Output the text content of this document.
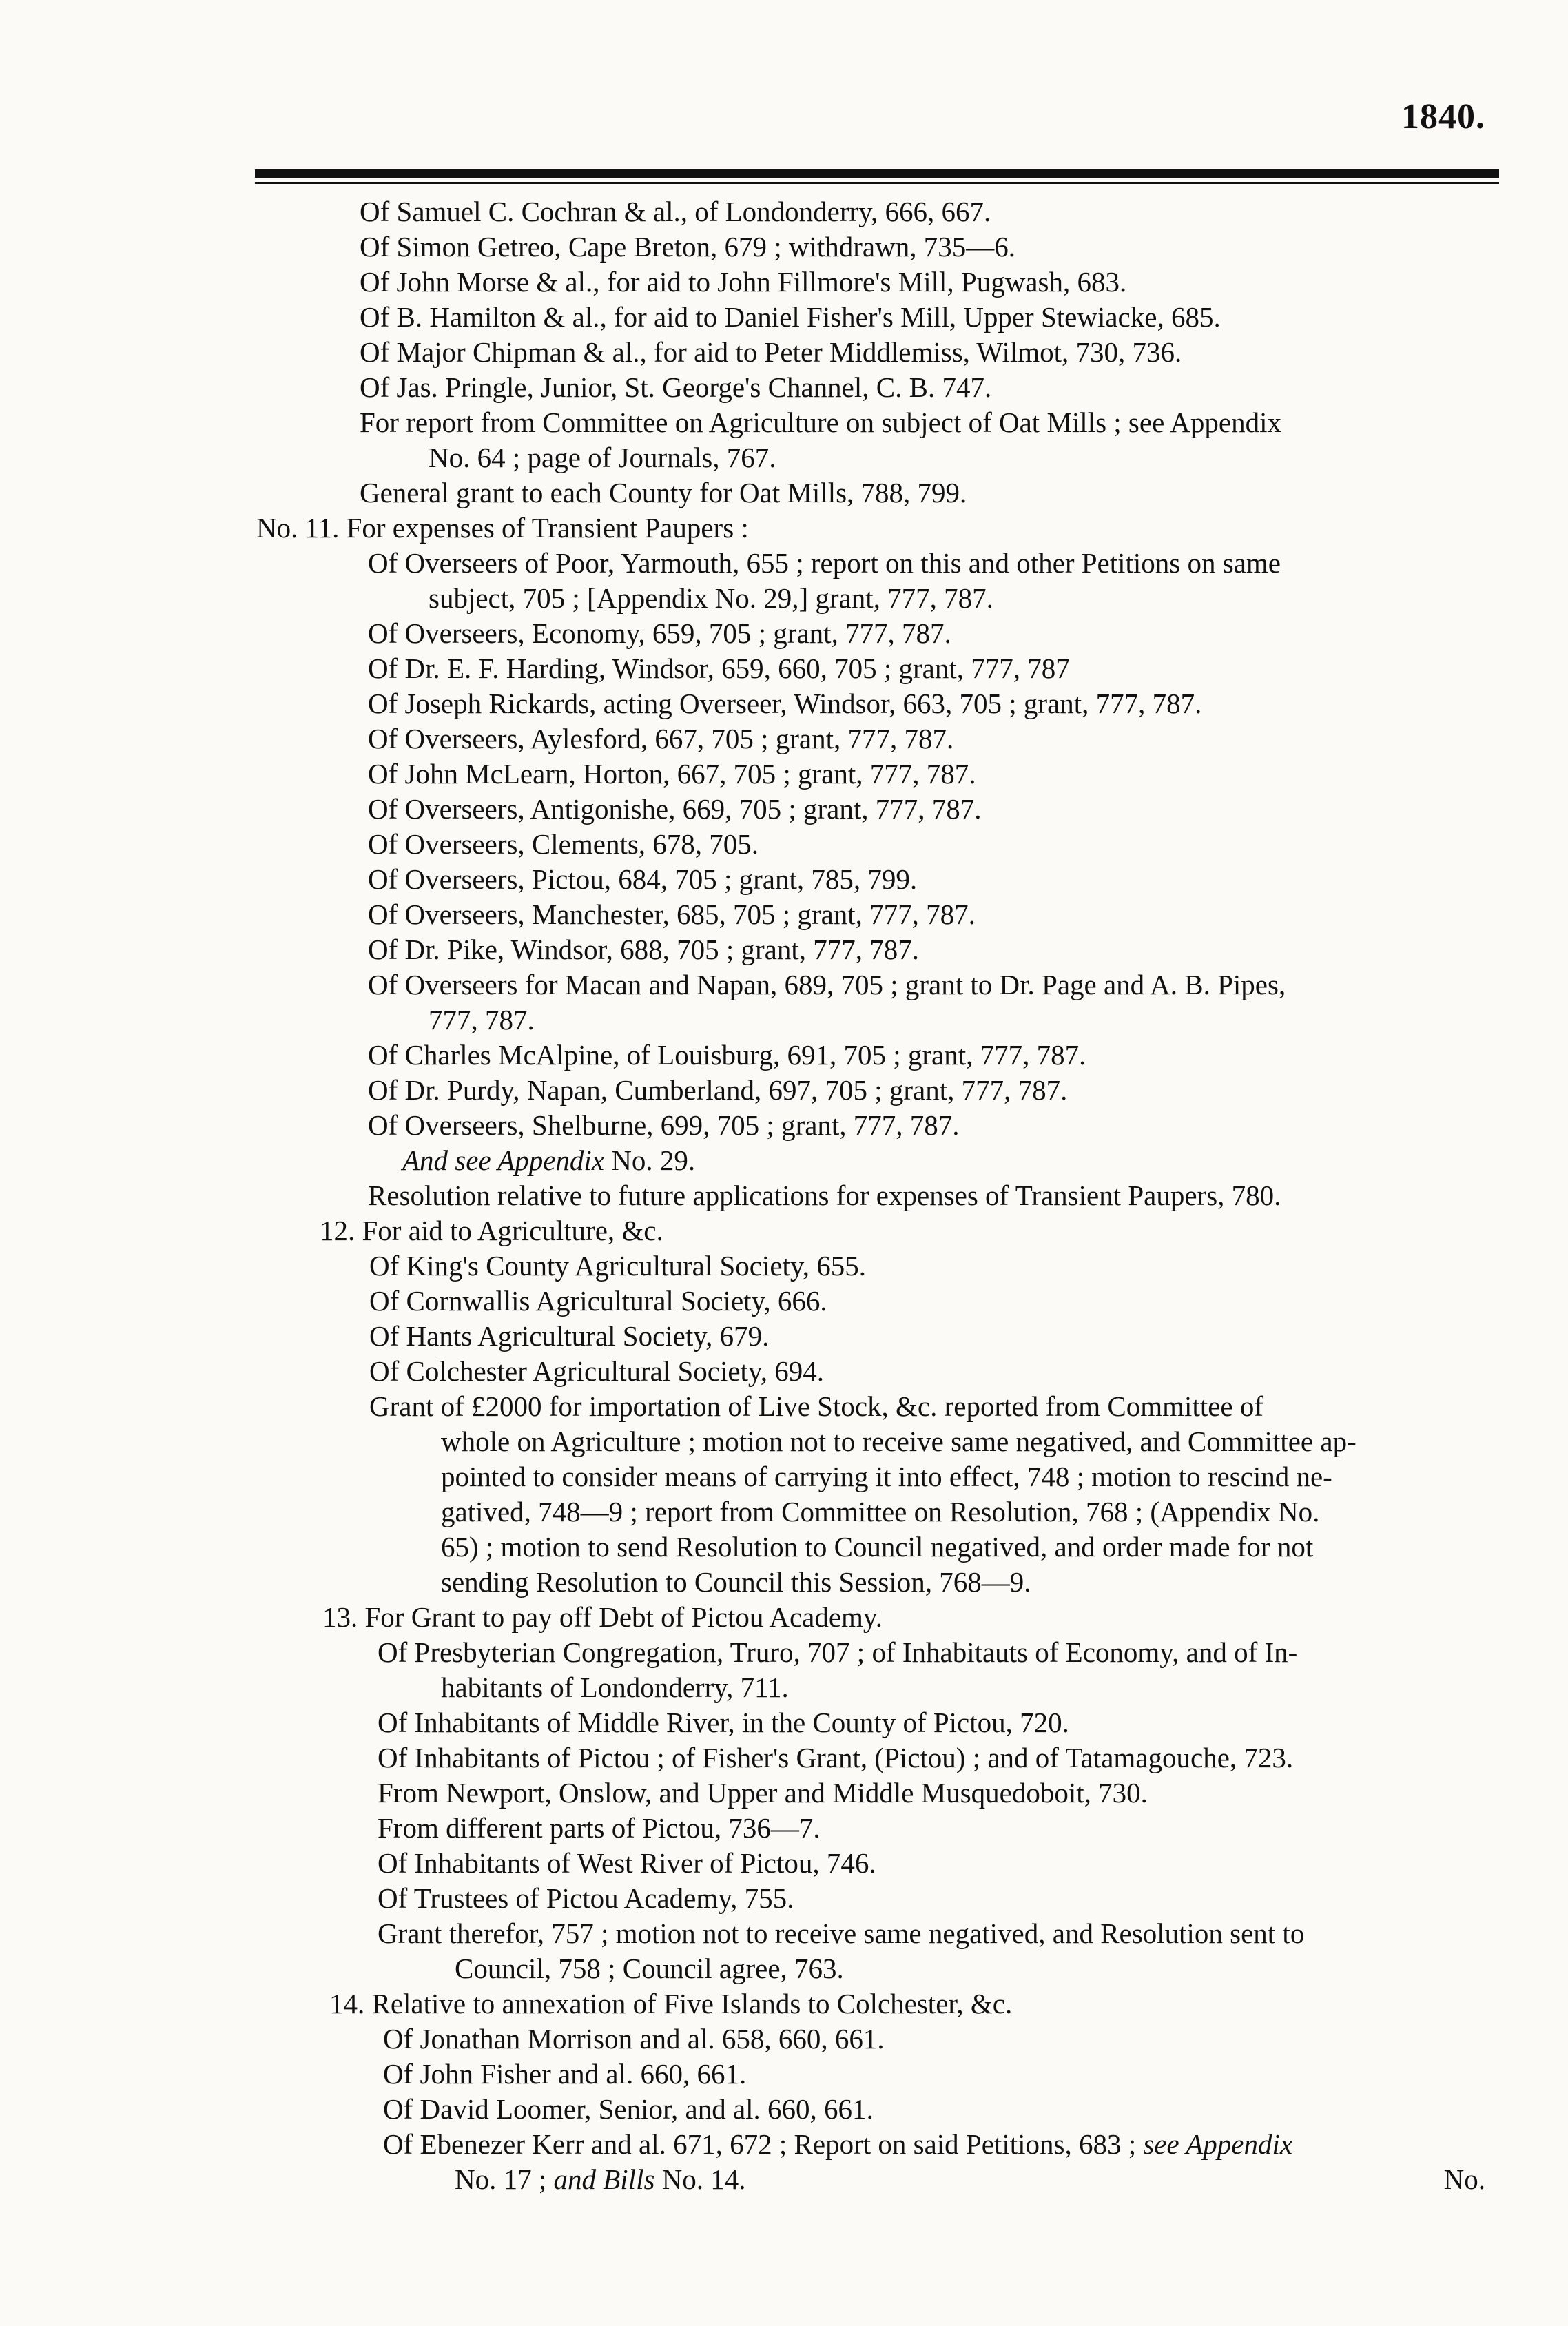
1840.
Of Samuel C. Cochran & al., of Londonderry, 666, 667.
Of Simon Getreo, Cape Breton, 679 ; withdrawn, 735—6.
Of John Morse & al., for aid to John Fillmore's Mill, Pugwash, 683.
Of B. Hamilton & al., for aid to Daniel Fisher's Mill, Upper Stewiacke, 685.
Of Major Chipman & al., for aid to Peter Middlemiss, Wilmot, 730, 736.
Of Jas. Pringle, Junior, St. George's Channel, C. B. 747.
For report from Committee on Agriculture on subject of Oat Mills ; see Appendix
No. 64 ; page of Journals, 767.
General grant to each County for Oat Mills, 788, 799.
No. 11. For expenses of Transient Paupers :
Of Overseers of Poor, Yarmouth, 655 ; report on this and other Petitions on same
subject, 705 ; [Appendix No. 29,] grant, 777, 787.
Of Overseers, Economy, 659, 705 ; grant, 777, 787.
Of Dr. E. F. Harding, Windsor, 659, 660, 705 ; grant, 777, 787
Of Joseph Rickards, acting Overseer, Windsor, 663, 705 ; grant, 777, 787.
Of Overseers, Aylesford, 667, 705 ; grant, 777, 787.
Of John McLearn, Horton, 667, 705 ; grant, 777, 787.
Of Overseers, Antigonishe, 669, 705 ; grant, 777, 787.
Of Overseers, Clements, 678, 705.
Of Overseers, Pictou, 684, 705 ; grant, 785, 799.
Of Overseers, Manchester, 685, 705 ; grant, 777, 787.
Of Dr. Pike, Windsor, 688, 705 ; grant, 777, 787.
Of Overseers for Macan and Napan, 689, 705 ; grant to Dr. Page and A. B. Pipes,
777, 787.
Of Charles McAlpine, of Louisburg, 691, 705 ; grant, 777, 787.
Of Dr. Purdy, Napan, Cumberland, 697, 705 ; grant, 777, 787.
Of Overseers, Shelburne, 699, 705 ; grant, 777, 787.
And see Appendix No. 29.
Resolution relative to future applications for expenses of Transient Paupers, 780.
12. For aid to Agriculture, &c.
Of King's County Agricultural Society, 655.
Of Cornwallis Agricultural Society, 666.
Of Hants Agricultural Society, 679.
Of Colchester Agricultural Society, 694.
Grant of £2000 for importation of Live Stock, &c. reported from Committee of
whole on Agriculture ; motion not to receive same negatived, and Committee ap-
pointed to consider means of carrying it into effect, 748 ; motion to rescind ne-
gatived, 748—9 ; report from Committee on Resolution, 768 ; (Appendix No.
65) ; motion to send Resolution to Council negatived, and order made for not
sending Resolution to Council this Session, 768—9.
13. For Grant to pay off Debt of Pictou Academy.
Of Presbyterian Congregation, Truro, 707 ; of Inhabitauts of Economy, and of In-
habitants of Londonderry, 711.
Of Inhabitants of Middle River, in the County of Pictou, 720.
Of Inhabitants of Pictou ; of Fisher's Grant, (Pictou) ; and of Tatamagouche, 723.
From Newport, Onslow, and Upper and Middle Musquedoboit, 730.
From different parts of Pictou, 736—7.
Of Inhabitants of West River of Pictou, 746.
Of Trustees of Pictou Academy, 755.
Grant therefor, 757 ; motion not to receive same negatived, and Resolution sent to
Council, 758 ; Council agree, 763.
14. Relative to annexation of Five Islands to Colchester, &c.
Of Jonathan Morrison and al. 658, 660, 661.
Of John Fisher and al. 660, 661.
Of David Loomer, Senior, and al. 660, 661.
Of Ebenezer Kerr and al. 671, 672 ; Report on said Petitions, 683 ; see Appendix
No. 17 ; and Bills No. 14.	No.
